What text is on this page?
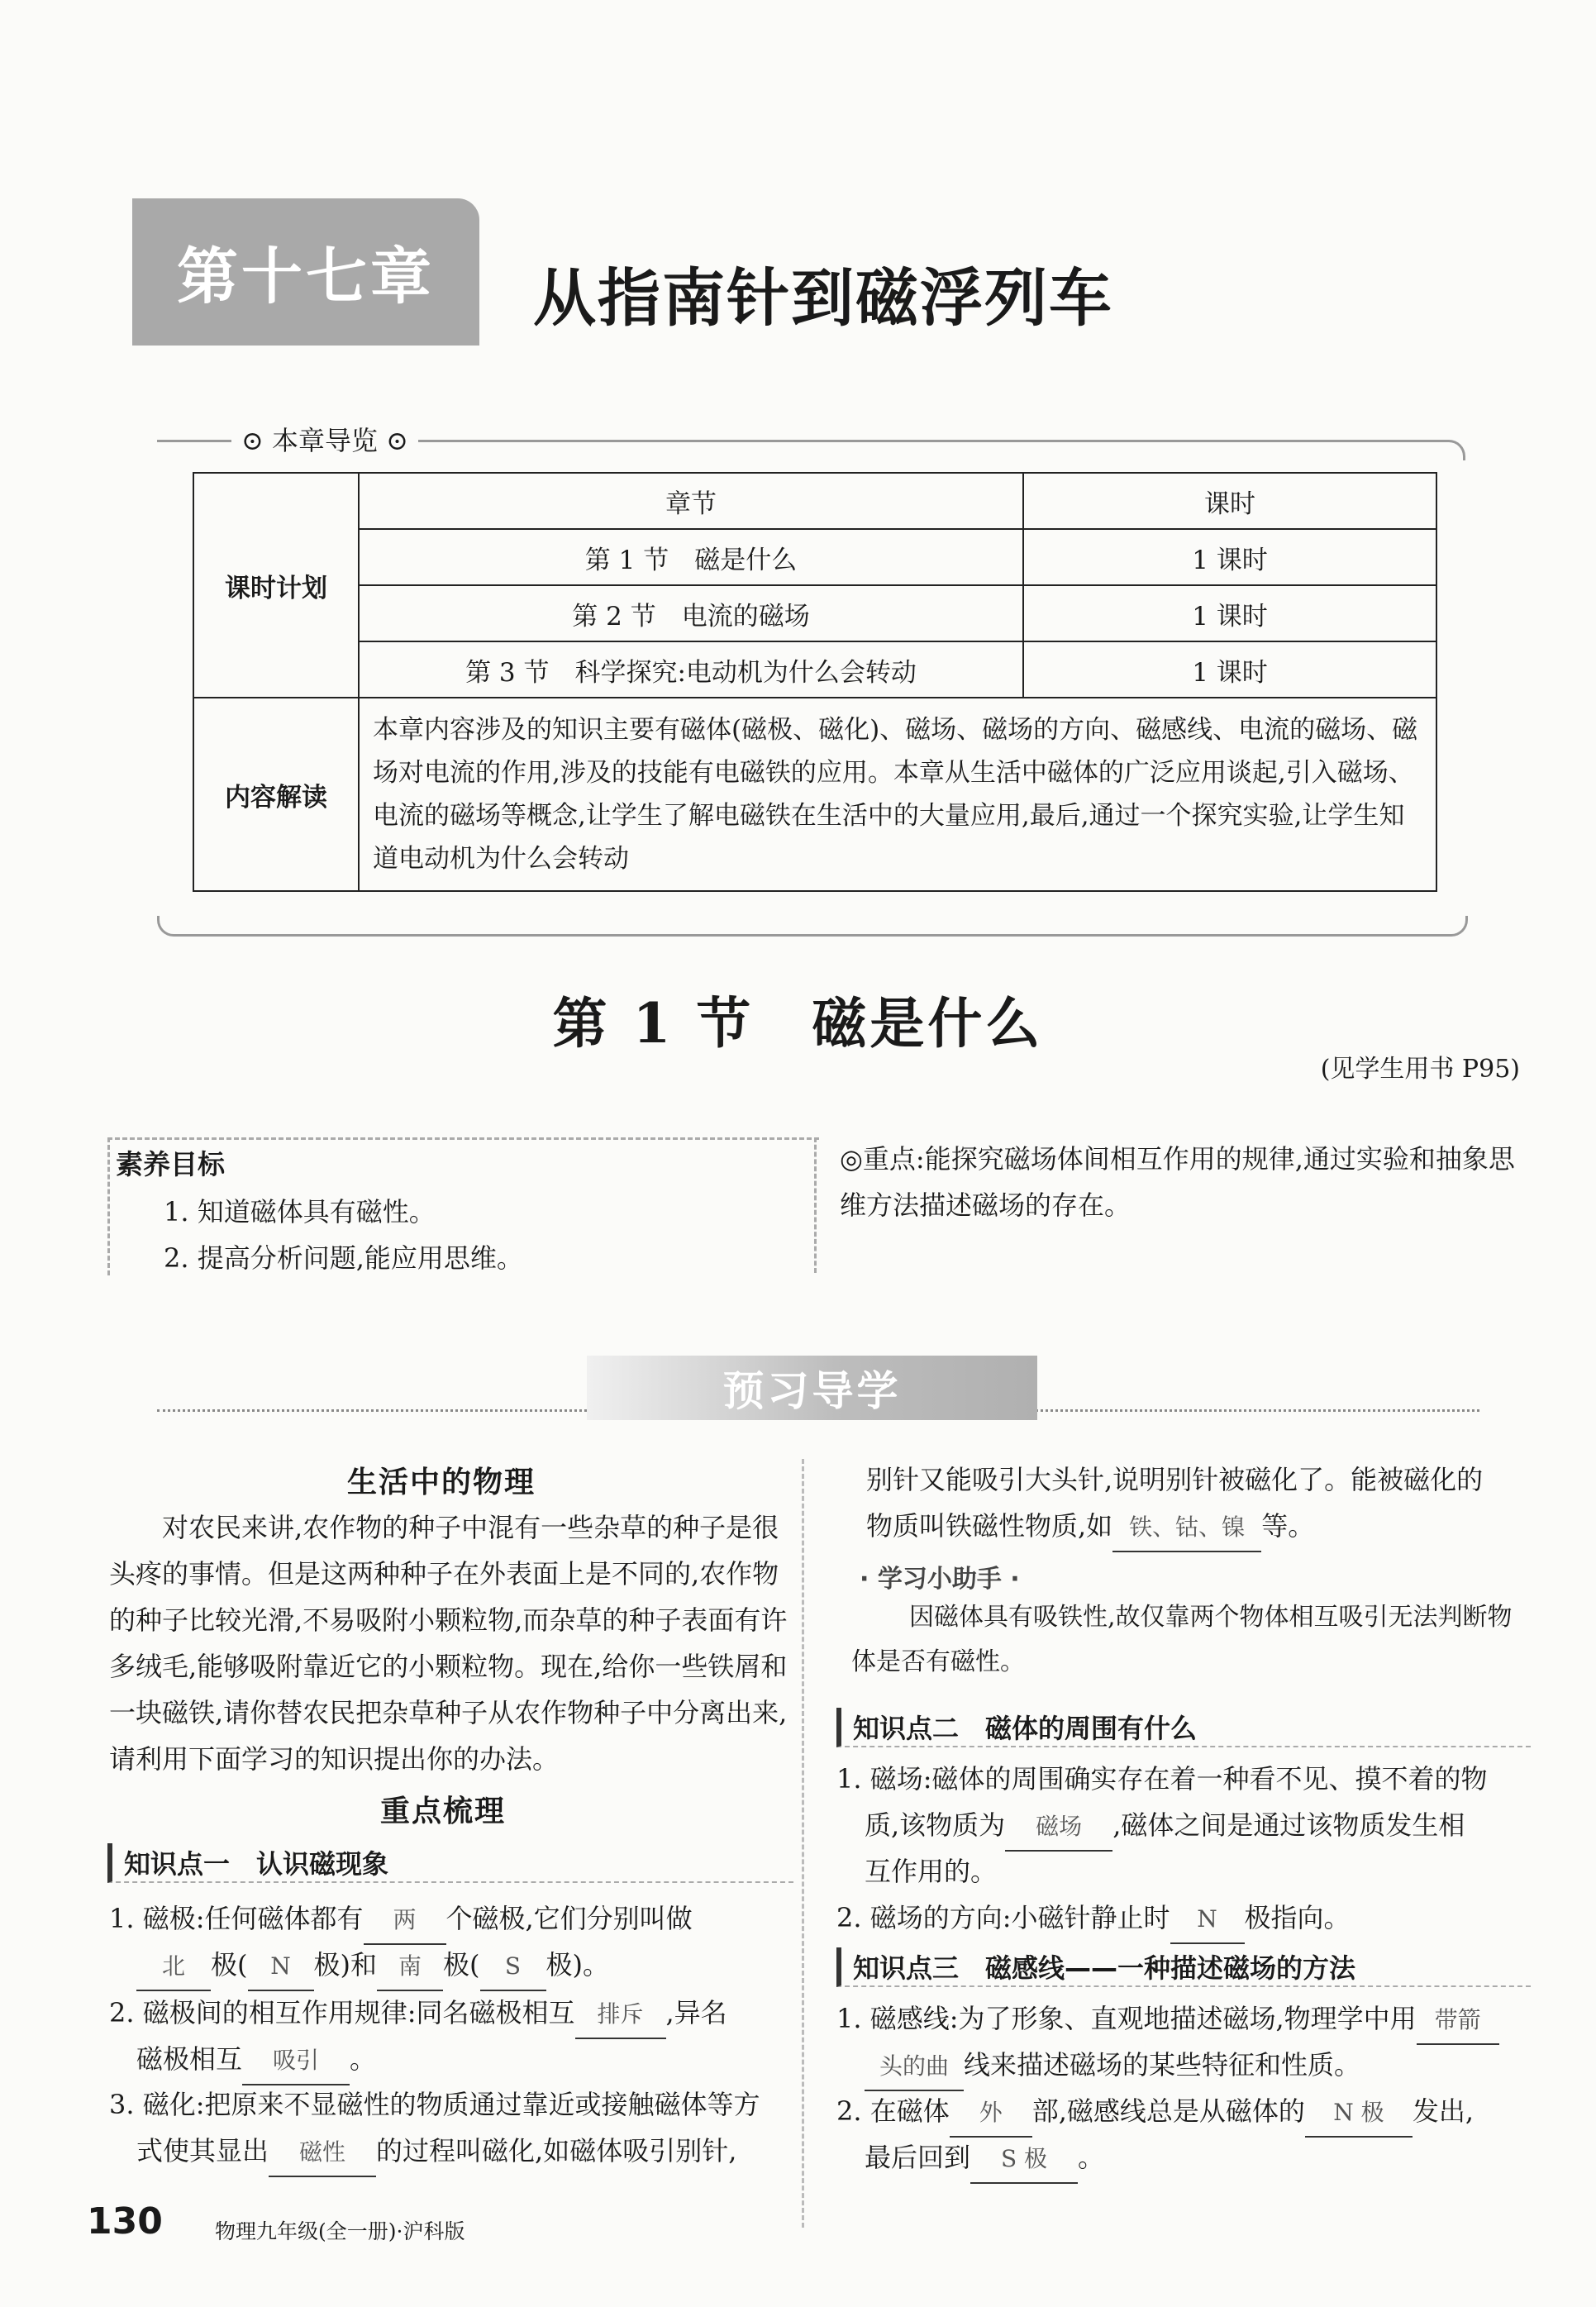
第十七章 从指南针到磁浮列车
⊙ 本章导览 ⊙
课时计划	章节	课时
	第 1 节　磁是什么	1 课时
	第 2 节　电流的磁场	1 课时
	第 3 节　科学探究:电动机为什么会转动	1 课时
内容解读	本章内容涉及的知识主要有磁体(磁极、磁化)、磁场、磁场的方向、磁感线、电流的磁场、磁场对电流的作用,涉及的技能有电磁铁的应用。本章从生活中磁体的广泛应用谈起,引入磁场、电流的磁场等概念,让学生了解电磁铁在生活中的大量应用,最后,通过一个探究实验,让学生知道电动机为什么会转动	
第 1 节　磁是什么
(见学生用书 P95)
素养目标
1. 知道磁体具有磁性。
2. 提高分析问题,能应用思维。
◎重点:能探究磁场体间相互作用的规律,通过实验和抽象思维方法描述磁场的存在。
预习导学
生活中的物理
对农民来讲,农作物的种子中混有一些杂草的种子是很头疼的事情。但是这两种种子在外表面上是不同的,农作物的种子比较光滑,不易吸附小颗粒物,而杂草的种子表面有许多绒毛,能够吸附靠近它的小颗粒物。现在,给你一些铁屑和一块磁铁,请你替农民把杂草种子从农作物种子中分离出来,请利用下面学习的知识提出你的办法。
重点梳理
知识点一　认识磁现象
1. 磁极:任何磁体都有 两 个磁极,它们分别叫做
北 极( N 极)和 南 极( S 极)。
2. 磁极间的相互作用规律:同名磁极相互 排斥 ,异名
磁极相互 吸引 。
3. 磁化:把原来不显磁性的物质通过靠近或接触磁体等方
式使其显出 磁性 的过程叫磁化,如磁体吸引别针,
别针又能吸引大头针,说明别针被磁化了。能被磁化的
物质叫铁磁性物质,如 铁、钴、镍 等。
· 学习小助手 ·
因磁体具有吸铁性,故仅靠两个物体相互吸引无法判断物体是否有磁性。
知识点二　磁体的周围有什么
1. 磁场:磁体的周围确实存在着一种看不见、摸不着的物
质,该物质为 磁场 ,磁体之间是通过该物质发生相
互作用的。
2. 磁场的方向:小磁针静止时 N 极指向。
知识点三　磁感线——一种描述磁场的方法
1. 磁感线:为了形象、直观地描述磁场,物理学中用 带箭
头的曲 线来描述磁场的某些特征和性质。
2. 在磁体 外 部,磁感线总是从磁体的 N 极 发出,
最后回到 S 极 。
130	物理九年级(全一册)·沪科版
